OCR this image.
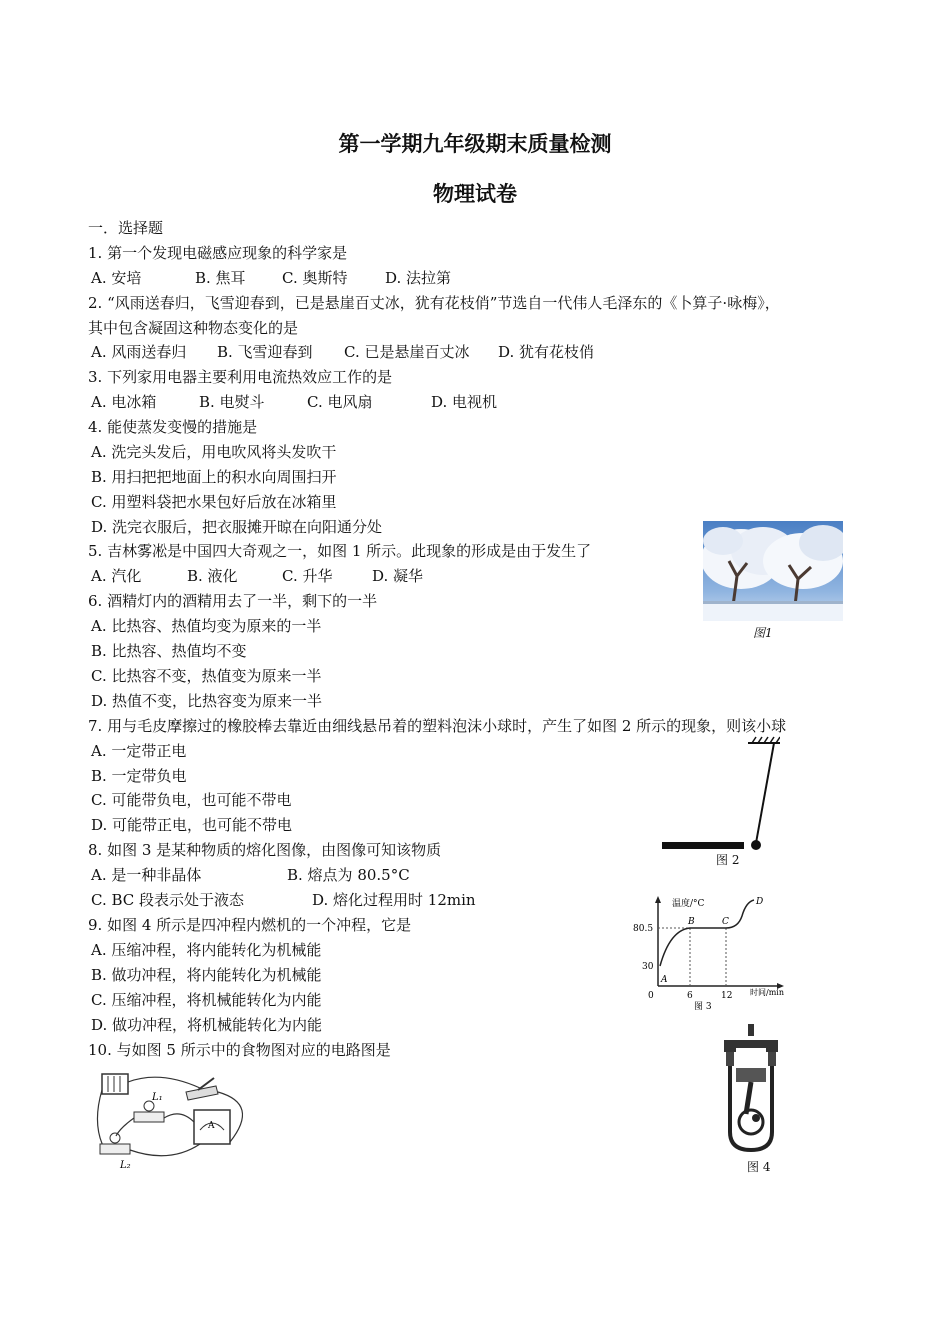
第一学期九年级期末质量检测
物理试卷
一．选择题
1. 第一个发现电磁感应现象的科学家是
A. 安培	B. 焦耳 C. 奥斯特	D. 法拉第
2. “风雨送春归，飞雪迎春到，已是悬崖百丈冰，犹有花枝俏”节选自一代伟人毛泽东的《卜算子·咏梅》，
其中包含凝固这种物态变化的是
A. 风雨送春归 B. 飞雪迎春到 C. 已是悬崖百丈冰 D. 犹有花枝俏
3. 下列家用电器主要利用电流热效应工作的是
A. 电冰箱	B. 电熨斗	C. 电风扇	D. 电视机
4. 能使蒸发变慢的措施是
A. 洗完头发后，用电吹风将头发吹干
B. 用扫把把地面上的积水向周围扫开
C. 用塑料袋把水果包好后放在冰箱里
D. 洗完衣服后，把衣服摊开晾在向阳通分处
5. 吉林雾凇是中国四大奇观之一，如图 1 所示。此现象的形成是由于发生了
A. 汽化	B. 液化	C. 升华	D. 凝华
6. 酒精灯内的酒精用去了一半，剩下的一半
A. 比热容、热值均变为原来的一半
B. 比热容、热值均不变
C. 比热容不变，热值变为原来一半
D. 热值不变，比热容变为原来一半
7. 用与毛皮摩擦过的橡胶棒去靠近由细线悬吊着的塑料泡沫小球时，产生了如图 2 所示的现象，则该小球
A. 一定带正电
B. 一定带负电
C. 可能带负电，也可能不带电
D. 可能带正电，也可能不带电
8. 如图 3 是某种物质的熔化图像，由图像可知该物质
A. 是一种非晶体	B. 熔点为 80.5°C
C. BC 段表示处于液态	D. 熔化过程用时 12min
9. 如图 4 所示是四冲程内燃机的一个冲程，它是
A. 压缩冲程，将内能转化为机械能
B. 做功冲程，将内能转化为机械能
C. 压缩冲程，将机械能转化为内能
D. 做功冲程，将机械能转化为内能
10. 与如图 5 所示中的食物图对应的电路图是
图1
图 2
温度/°C
80.5
30
0	6	12 时间/min
A
B	C
D
图 3
图 4
L₁
L₂
A
